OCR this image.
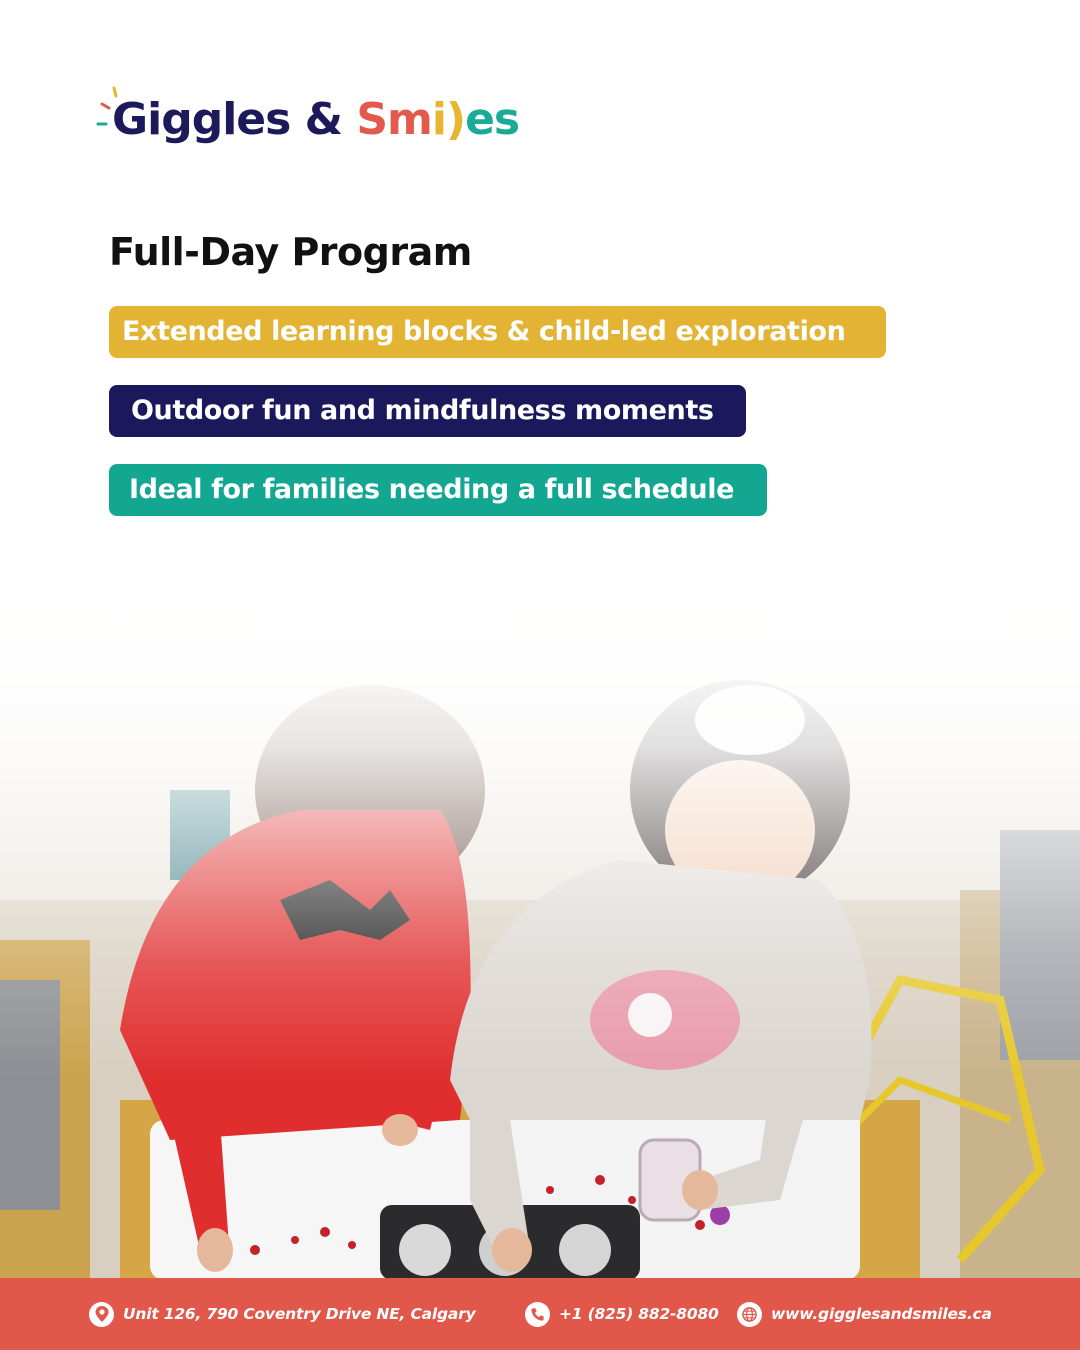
Giggles & Smi)es
Full-Day Program
Extended learning blocks & child-led exploration
Outdoor fun and mindfulness moments
Ideal for families needing a full schedule
Unit 126, 790 Coventry Drive NE, Calgary	+1 (825) 882-8080	www.gigglesandsmiles.ca
